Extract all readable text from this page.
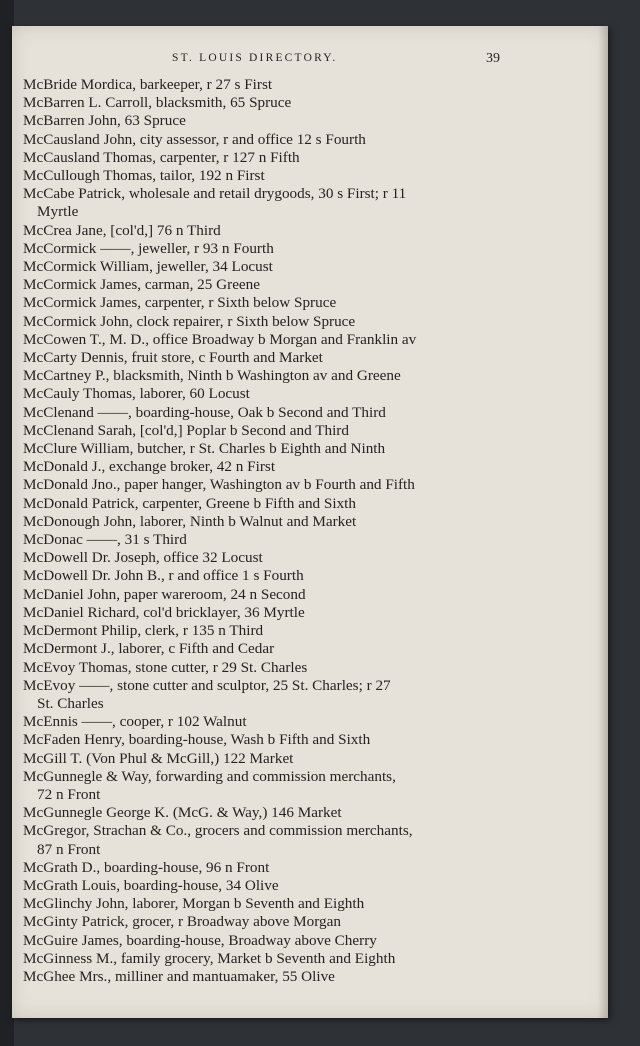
ST. LOUIS DIRECTORY.	39
McBride Mordica, barkeeper, r 27 s First
McBarren L. Carroll, blacksmith, 65 Spruce
McBarren John, 63 Spruce
McCausland John, city assessor, r and office 12 s Fourth
McCausland Thomas, carpenter, r 127 n Fifth
McCullough Thomas, tailor, 192 n First
McCabe Patrick, wholesale and retail drygoods, 30 s First; r 11
Myrtle
McCrea Jane, [col'd,] 76 n Third
McCormick ——, jeweller, r 93 n Fourth
McCormick William, jeweller, 34 Locust
McCormick James, carman, 25 Greene
McCormick James, carpenter, r Sixth below Spruce
McCormick John, clock repairer, r Sixth below Spruce
McCowen T., M. D., office Broadway b Morgan and Franklin av
McCarty Dennis, fruit store, c Fourth and Market
McCartney P., blacksmith, Ninth b Washington av and Greene
McCauly Thomas, laborer, 60 Locust
McClenand ——, boarding-house, Oak b Second and Third
McClenand Sarah, [col'd,] Poplar b Second and Third
McClure William, butcher, r St. Charles b Eighth and Ninth
McDonald J., exchange broker, 42 n First
McDonald Jno., paper hanger, Washington av b Fourth and Fifth
McDonald Patrick, carpenter, Greene b Fifth and Sixth
McDonough John, laborer, Ninth b Walnut and Market
McDonac ——, 31 s Third
McDowell Dr. Joseph, office 32 Locust
McDowell Dr. John B., r and office 1 s Fourth
McDaniel John, paper wareroom, 24 n Second
McDaniel Richard, col'd bricklayer, 36 Myrtle
McDermont Philip, clerk, r 135 n Third
McDermont J., laborer, c Fifth and Cedar
McEvoy Thomas, stone cutter, r 29 St. Charles
McEvoy ——, stone cutter and sculptor, 25 St. Charles; r 27
St. Charles
McEnnis ——, cooper, r 102 Walnut
McFaden Henry, boarding-house, Wash b Fifth and Sixth
McGill T. (Von Phul & McGill,) 122 Market
McGunnegle & Way, forwarding and commission merchants,
72 n Front
McGunnegle George K. (McG. & Way,) 146 Market
McGregor, Strachan & Co., grocers and commission merchants,
87 n Front
McGrath D., boarding-house, 96 n Front
McGrath Louis, boarding-house, 34 Olive
McGlinchy John, laborer, Morgan b Seventh and Eighth
McGinty Patrick, grocer, r Broadway above Morgan
McGuire James, boarding-house, Broadway above Cherry
McGinness M., family grocery, Market b Seventh and Eighth
McGhee Mrs., milliner and mantuamaker, 55 Olive
